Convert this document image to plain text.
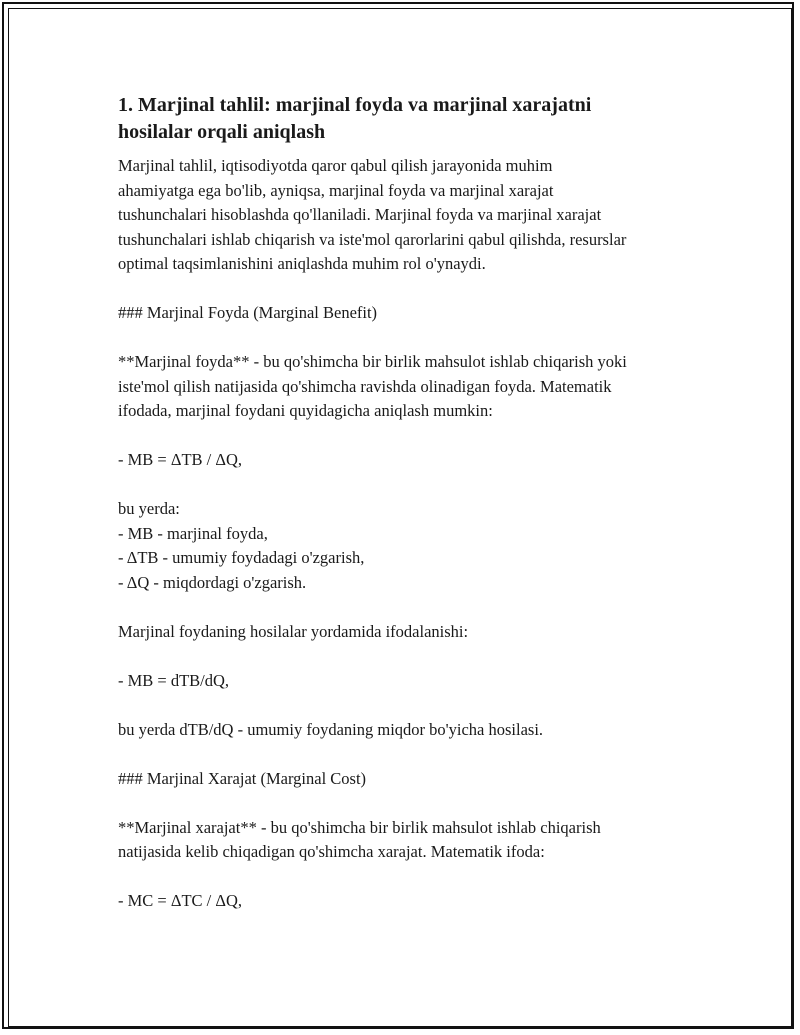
1. Marjinal tahlil: marjinal foyda va marjinal xarajatni
hosilalar orqali aniqlash

Marjinal tahlil, iqtisodiyotda qaror qabul qilish jarayonida muhim
ahamiyatga ega bo'lib, ayniqsa, marjinal foyda va marjinal xarajat
tushunchalari hisoblashda qo'llaniladi. Marjinal foyda va marjinal xarajat
tushunchalari ishlab chiqarish va iste'mol qarorlarini qabul qilishda, resurslar
optimal taqsimlanishini aniqlashda muhim rol o'ynaydi.

### Marjinal Foyda (Marginal Benefit)

**Marjinal foyda** - bu qo'shimcha bir birlik mahsulot ishlab chiqarish yoki
iste'mol qilish natijasida qo'shimcha ravishda olinadigan foyda. Matematik
ifodada, marjinal foydani quyidagicha aniqlash mumkin:

- MB = ΔTB / ΔQ,

bu yerda:
- MB - marjinal foyda,
- ΔTB - umumiy foydadagi o'zgarish,
- ΔQ - miqdordagi o'zgarish.

Marjinal foydaning hosilalar yordamida ifodalanishi:

- MB = dTB/dQ,

bu yerda dTB/dQ - umumiy foydaning miqdor bo'yicha hosilasi.

### Marjinal Xarajat (Marginal Cost)

**Marjinal xarajat** - bu qo'shimcha bir birlik mahsulot ishlab chiqarish
natijasida kelib chiqadigan qo'shimcha xarajat. Matematik ifoda:

- MC = ΔTC / ΔQ,
